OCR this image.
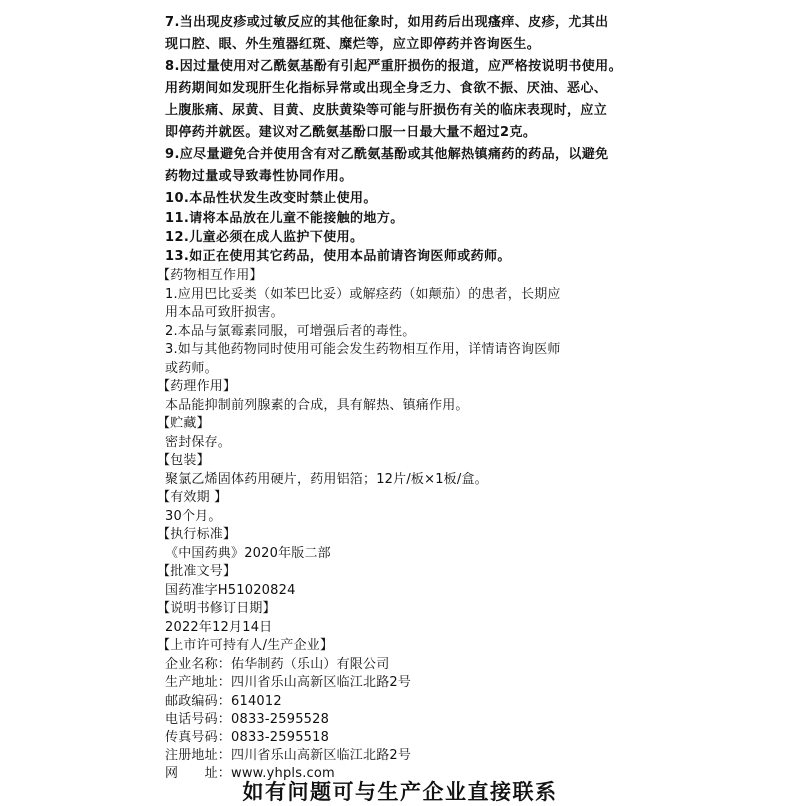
7.当出现皮疹或过敏反应的其他征象时，如用药后出现瘙痒、皮疹，尤其出
现口腔、眼、外生殖器红斑、糜烂等，应立即停药并咨询医生。
8.因过量使用对乙酰氨基酚有引起严重肝损伤的报道，应严格按说明书使用。
用药期间如发现肝生化指标异常或出现全身乏力、食欲不振、厌油、恶心、
上腹胀痛、尿黄、目黄、皮肤黄染等可能与肝损伤有关的临床表现时，应立
即停药并就医。建议对乙酰氨基酚口服一日最大量不超过2克。
9.应尽量避免合并使用含有对乙酰氨基酚或其他解热镇痛药的药品，以避免
药物过量或导致毒性协同作用。
10.本品性状发生改变时禁止使用。
11.请将本品放在儿童不能接触的地方。
12.儿童必须在成人监护下使用。
13.如正在使用其它药品，使用本品前请咨询医师或药师。
【药物相互作用】
1.应用巴比妥类（如苯巴比妥）或解痉药（如颠茄）的患者，长期应
用本品可致肝损害。
2.本品与氯霉素同服，可增强后者的毒性。
3.如与其他药物同时使用可能会发生药物相互作用，详情请咨询医师
或药师。
【药理作用】
本品能抑制前列腺素的合成，具有解热、镇痛作用。
【贮藏】
密封保存。
【包装】
聚氯乙烯固体药用硬片，药用铝箔；12片/板×1板/盒。
【有效期 】
30个月。
【执行标准】
《中国药典》2020年版二部
【批准文号】
国药准字H51020824
【说明书修订日期】
2022年12月14日
【上市许可持有人/生产企业】
企业名称：佑华制药（乐山）有限公司
生产地址：四川省乐山高新区临江北路2号
邮政编码：614012
电话号码：0833-2595528
传真号码：0833-2595518
注册地址：四川省乐山高新区临江北路2号
网　　址：www.yhpls.com
如有问题可与生产企业直接联系
